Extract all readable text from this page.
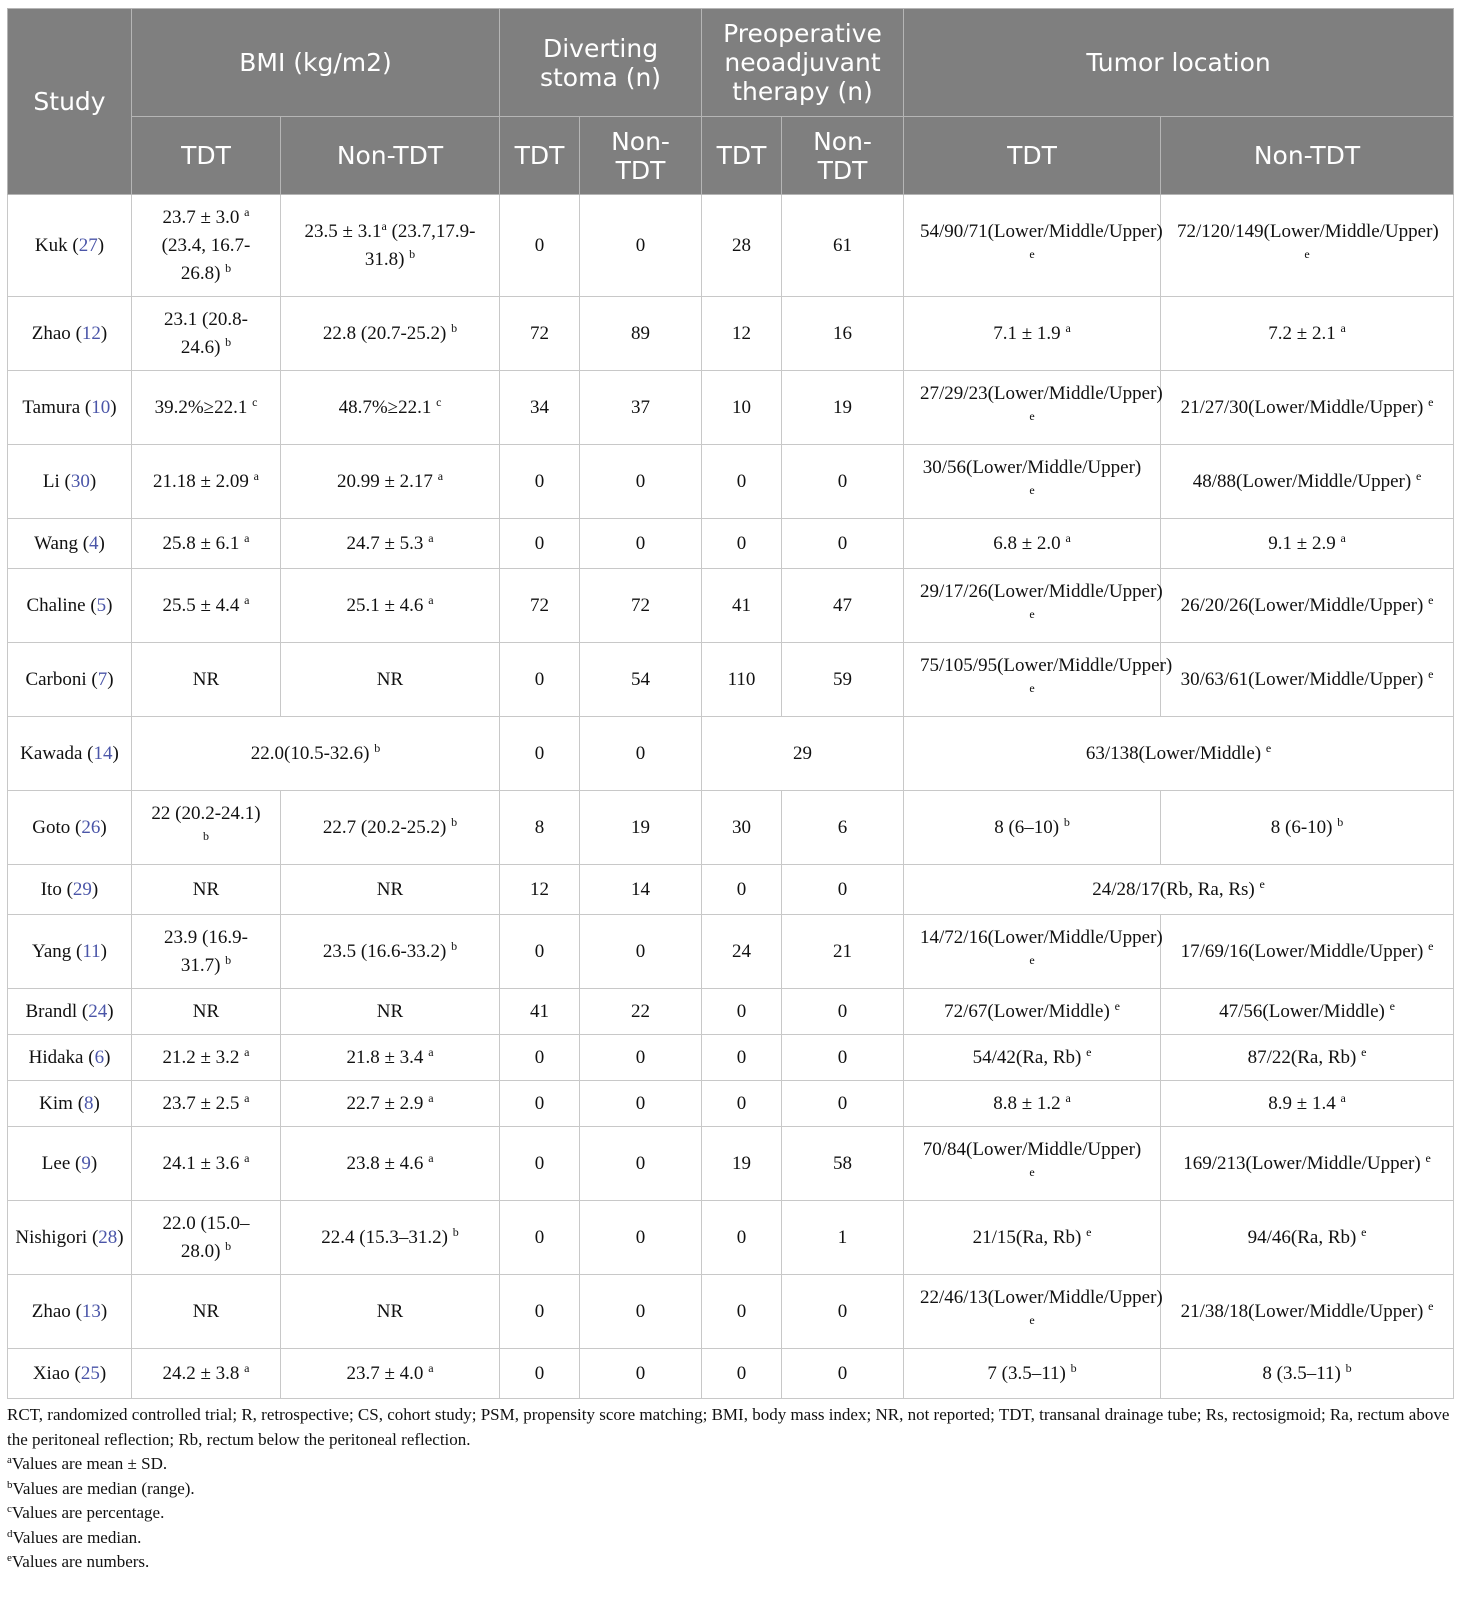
Study	BMI (kg/m2)		Diverting stoma (n)		Preoperative neoadjuvant therapy (n)		Tumor location	
	TDT	Non-TDT	TDT	Non-TDT	TDT	Non-TDT	TDT	Non-TDT
Kuk (27)	23.7 ± 3.0 $^a$ (23.4, 16.7-26.8) $^b$	23.5 ± 3.1$^a$ (23.7,17.9-31.8) $^b$	0	0	28	61	54/90/71(Lower/Middle/Upper) $^e$	72/120/149(Lower/Middle/Upper) $^e$
Zhao (12)	23.1 (20.8-24.6) $^b$	22.8 (20.7-25.2) $^b$	72	89	12	16	7.1 ± 1.9 $^a$	7.2 ± 2.1 $^a$
Tamura (10)	39.2%≥22.1 $^c$	48.7%≥22.1 $^c$	34	37	10	19	27/29/23(Lower/Middle/Upper) $^e$	21/27/30(Lower/Middle/Upper) $^e$
Li (30)	21.18 ± 2.09 $^a$	20.99 ± 2.17 $^a$	0	0	0	0	30/56(Lower/Middle/Upper) $^e$	48/88(Lower/Middle/Upper) $^e$
Wang (4)	25.8 ± 6.1 $^a$	24.7 ± 5.3 $^a$	0	0	0	0	6.8 ± 2.0 $^a$	9.1 ± 2.9 $^a$
Chaline (5)	25.5 ± 4.4 $^a$	25.1 ± 4.6 $^a$	72	72	41	47	29/17/26(Lower/Middle/Upper) $^e$	26/20/26(Lower/Middle/Upper) $^e$
Carboni (7)	NR	NR	0	54	110	59	75/105/95(Lower/Middle/Upper) $^e$	30/63/61(Lower/Middle/Upper) $^e$
Kawada (14)	22.0(10.5-32.6) $^b$		0	0	29		63/138(Lower/Middle) $^e$
Goto (26)	22 (20.2-24.1) $^b$	22.7 (20.2-25.2) $^b$	8	19	30	6	8 (6–10) $^b$	8 (6-10) $^b$
Ito (29)	NR	NR	12	14	0	0	24/28/17(Rb, Ra, Rs) $^e$
Yang (11)	23.9 (16.9-31.7) $^b$	23.5 (16.6-33.2) $^b$	0	0	24	21	14/72/16(Lower/Middle/Upper) $^e$	17/69/16(Lower/Middle/Upper) $^e$
Brandl (24)	NR	NR	41	22	0	0	72/67(Lower/Middle) $^e$	47/56(Lower/Middle) $^e$
Hidaka (6)	21.2 ± 3.2 $^a$	21.8 ± 3.4 $^a$	0	0	0	0	54/42(Ra, Rb) $^e$	87/22(Ra, Rb) $^e$
Kim (8)	23.7 ± 2.5 $^a$	22.7 ± 2.9 $^a$	0	0	0	0	8.8 ± 1.2 $^a$	8.9 ± 1.4 $^a$
Lee (9)	24.1 ± 3.6 $^a$	23.8 ± 4.6 $^a$	0	0	19	58	70/84(Lower/Middle/Upper) $^e$	169/213(Lower/Middle/Upper) $^e$
Nishigori (28)	22.0 (15.0–28.0) $^b$	22.4 (15.3–31.2) $^b$	0	0	0	1	21/15(Ra, Rb) $^e$	94/46(Ra, Rb) $^e$
Zhao (13)	NR	NR	0	0	0	0	22/46/13(Lower/Middle/Upper) $^e$	21/38/18(Lower/Middle/Upper) $^e$
Xiao (25)	24.2 ± 3.8 $^a$	23.7 ± 4.0 $^a$	0	0	0	0	7 (3.5–11) $^b$	8 (3.5–11) $^b$

RCT, randomized controlled trial; R, retrospective; CS, cohort study; PSM, propensity score matching; BMI, body mass index; NR, not reported; TDT, transanal drainage tube; Rs, rectosigmoid; Ra, rectum above the peritoneal reflection; Rb, rectum below the peritoneal reflection.

$^a$Values are mean ± SD.

$^b$Values are median (range).

$^c$Values are percentage.

$^d$Values are median.

$^e$Values are numbers.
